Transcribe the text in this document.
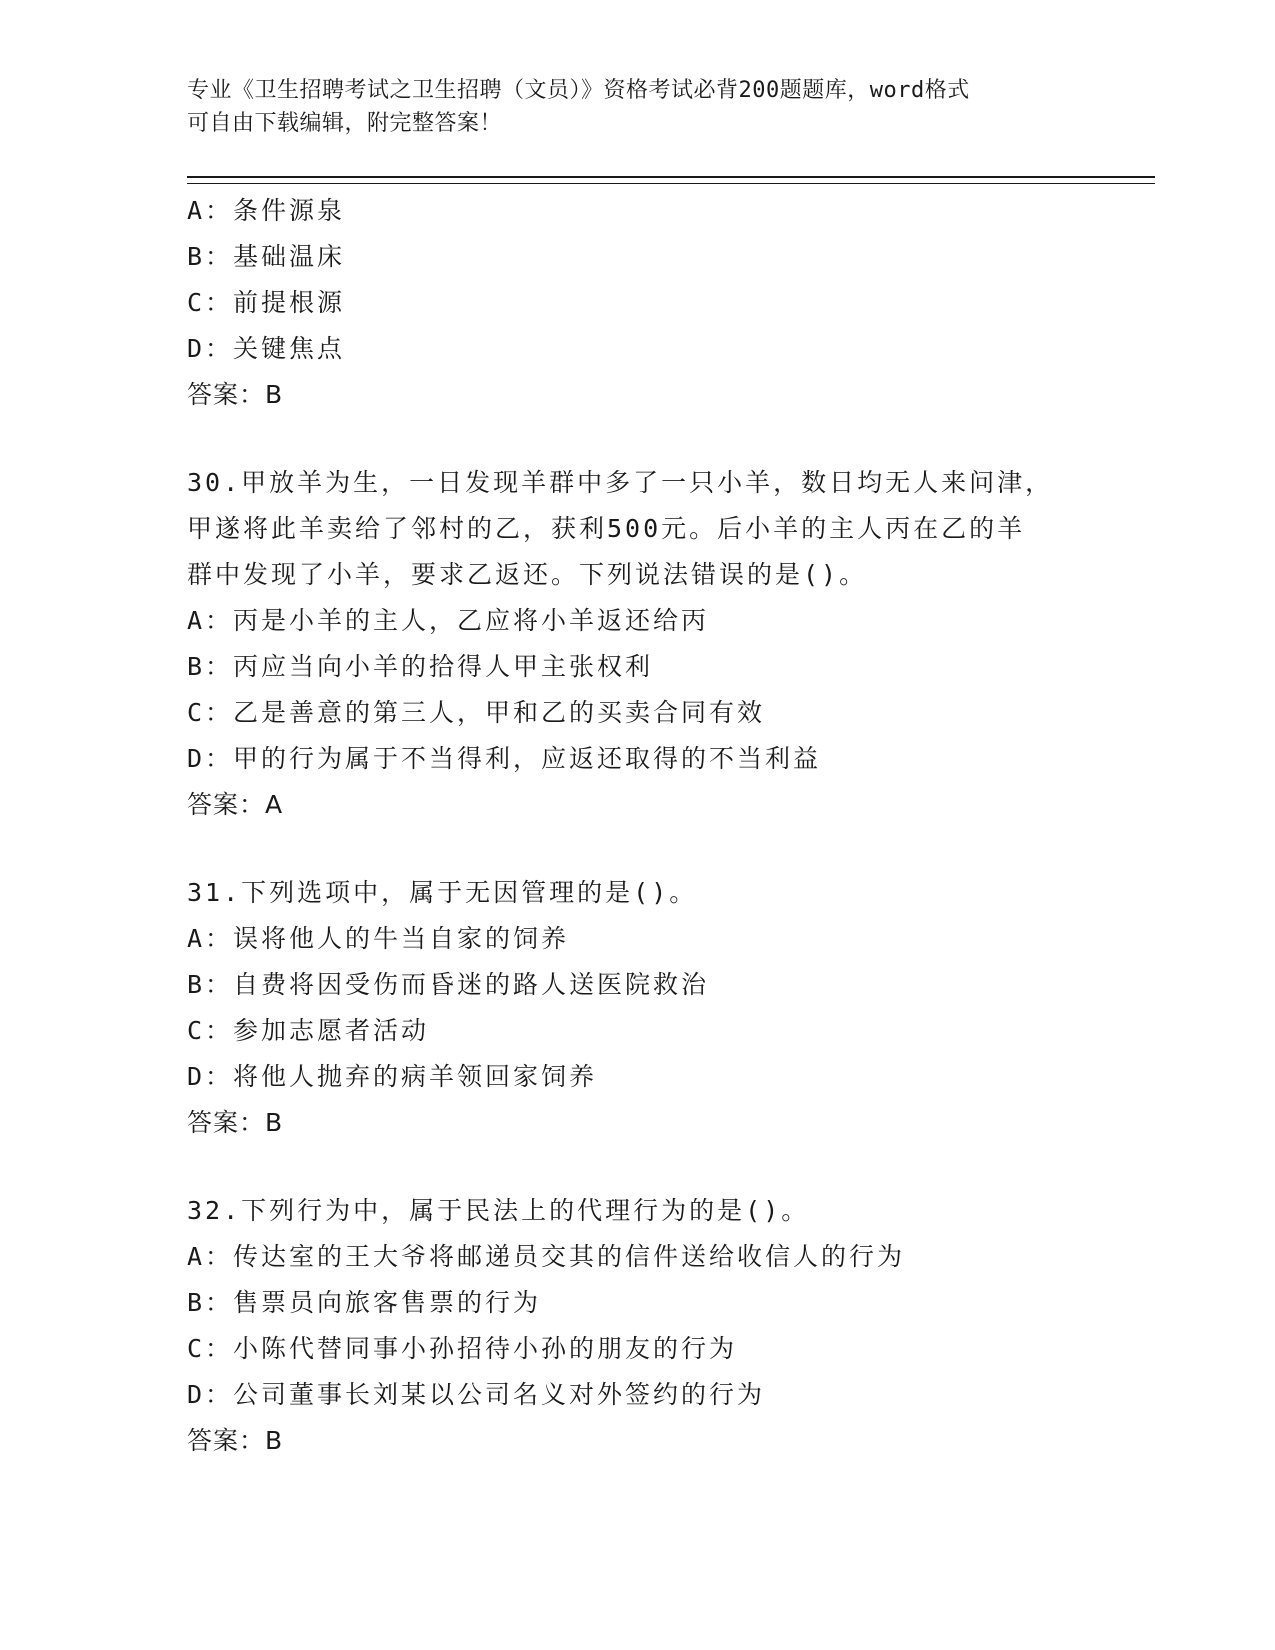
专业《卫生招聘考试之卫生招聘（文员）》资格考试必背200题题库，word格式
可自由下载编辑，附完整答案！
A：条件源泉
B：基础温床
C：前提根源
D：关键焦点
答案：B
30.甲放羊为生，一日发现羊群中多了一只小羊，数日均无人来问津，
甲遂将此羊卖给了邻村的乙，获利500元。后小羊的主人丙在乙的羊
群中发现了小羊，要求乙返还。下列说法错误的是()。
A：丙是小羊的主人，乙应将小羊返还给丙
B：丙应当向小羊的拾得人甲主张权利
C：乙是善意的第三人，甲和乙的买卖合同有效
D：甲的行为属于不当得利，应返还取得的不当利益
答案：A
31.下列选项中，属于无因管理的是()。
A：误将他人的牛当自家的饲养
B：自费将因受伤而昏迷的路人送医院救治
C：参加志愿者活动
D：将他人抛弃的病羊领回家饲养
答案：B
32.下列行为中，属于民法上的代理行为的是()。
A：传达室的王大爷将邮递员交其的信件送给收信人的行为
B：售票员向旅客售票的行为
C：小陈代替同事小孙招待小孙的朋友的行为
D：公司董事长刘某以公司名义对外签约的行为
答案：B
